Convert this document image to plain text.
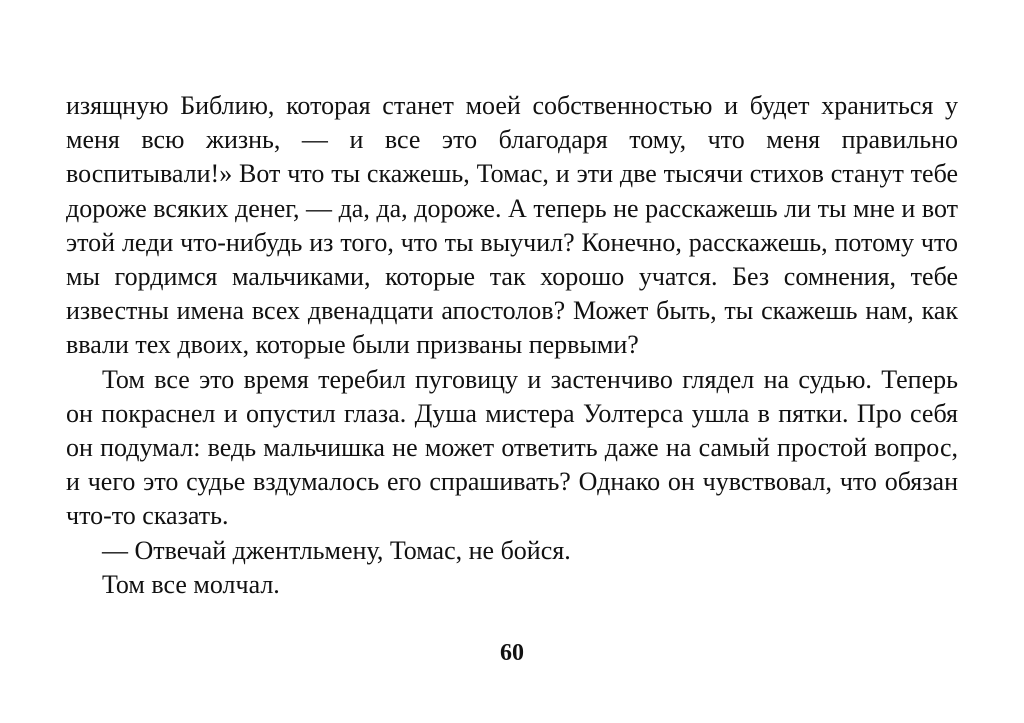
изящную Библию, которая станет моей собственностью и будет храниться у меня всю жизнь, — и все это благодаря тому, что меня правильно воспитывали!» Вот что ты скажешь, Томас, и эти две тысячи стихов станут тебе дороже всяких денег, — да, да, дороже. А теперь не расскажешь ли ты мне и вот этой леди что-нибудь из того, что ты выучил? Конечно, расскажешь, потому что мы гордимся мальчиками, которые так хорошо учатся. Без сомнения, тебе известны имена всех двенадцати апостолов? Может быть, ты скажешь нам, как ввали тех двоих, которые были призваны первыми?

Том все это время теребил пуговицу и застенчиво глядел на судью. Теперь он покраснел и опустил глаза. Душа мистера Уолтерса ушла в пятки. Про себя он подумал: ведь мальчишка не может ответить даже на самый простой вопрос, и чего это судье вздумалось его спрашивать? Однако он чувствовал, что обязан что-то сказать.

— Отвечай джентльмену, Томас, не бойся.

Том все молчал.

60
